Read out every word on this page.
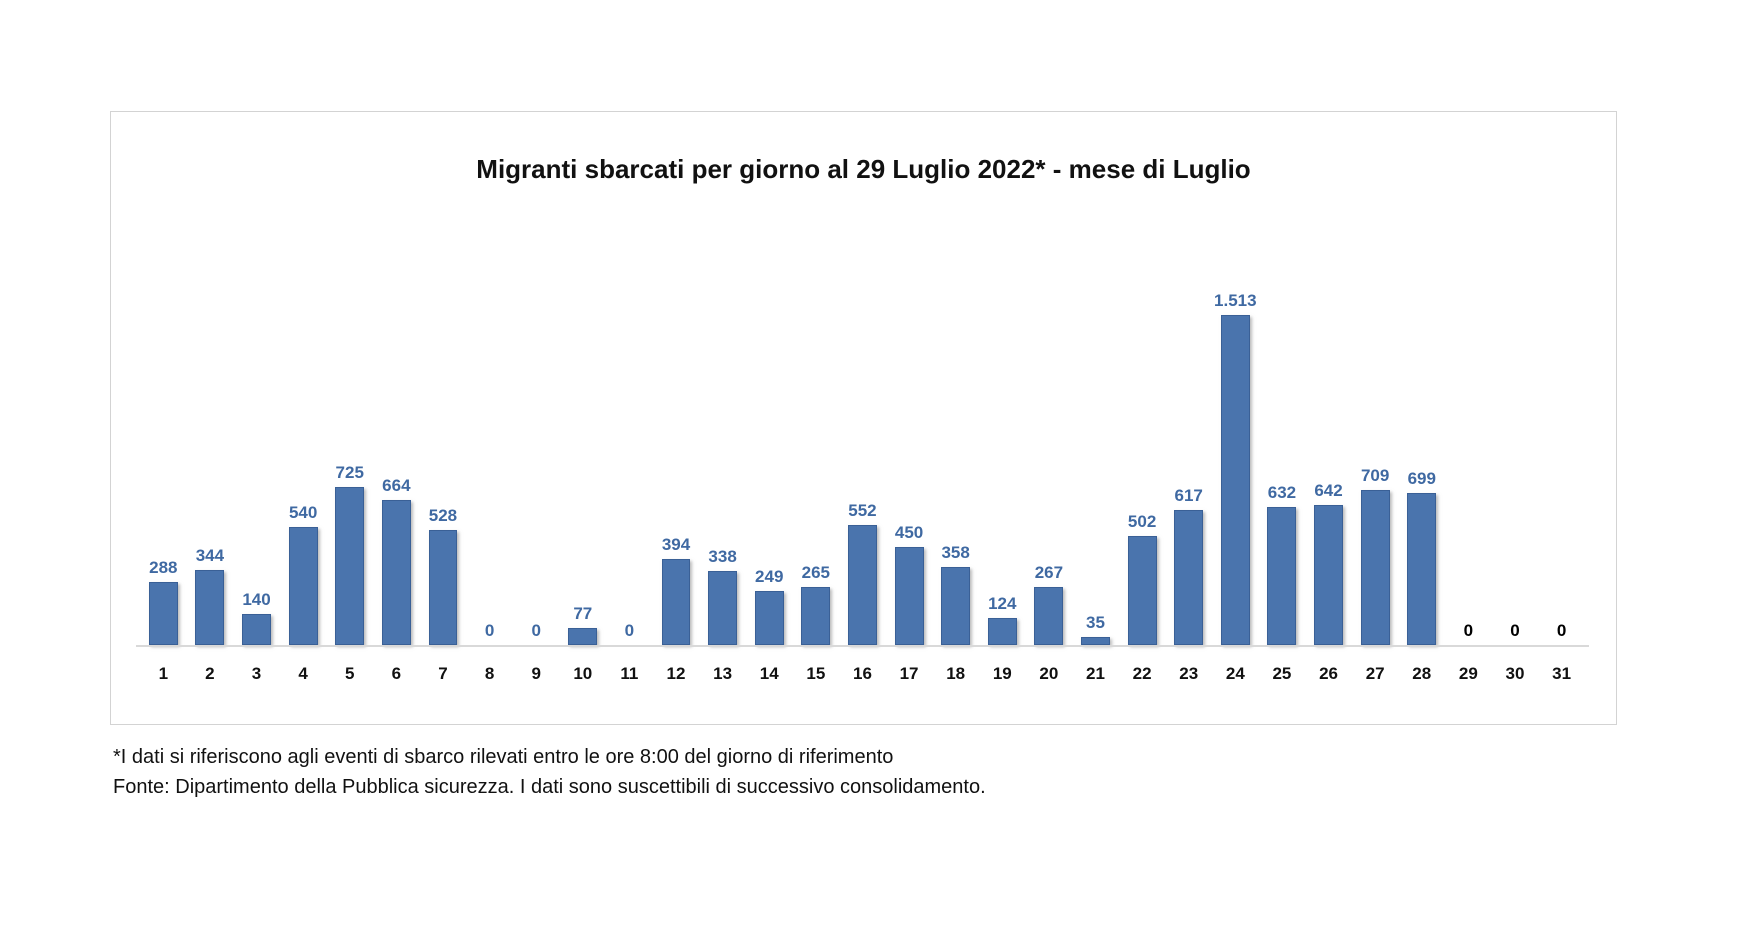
Migranti sbarcati per giorno al 29 Luglio 2022* - mese di Luglio
288
344
140
540
725
664
528
0 0
77
0
394
338
249 265
552
450
358
124
267
35
502
617
1.513
632 642
709 699
0 0 0
1	2	3	4	5	6	7	8	9	10	11	12	13	14	15	16	17	18	19	20	21	22	23	24	25	26	27	28	29	30	31
*I dati si riferiscono agli eventi di sbarco rilevati entro le ore 8:00 del giorno di riferimento
Fonte: Dipartimento della Pubblica sicurezza. I dati sono suscettibili di successivo consolidamento.
